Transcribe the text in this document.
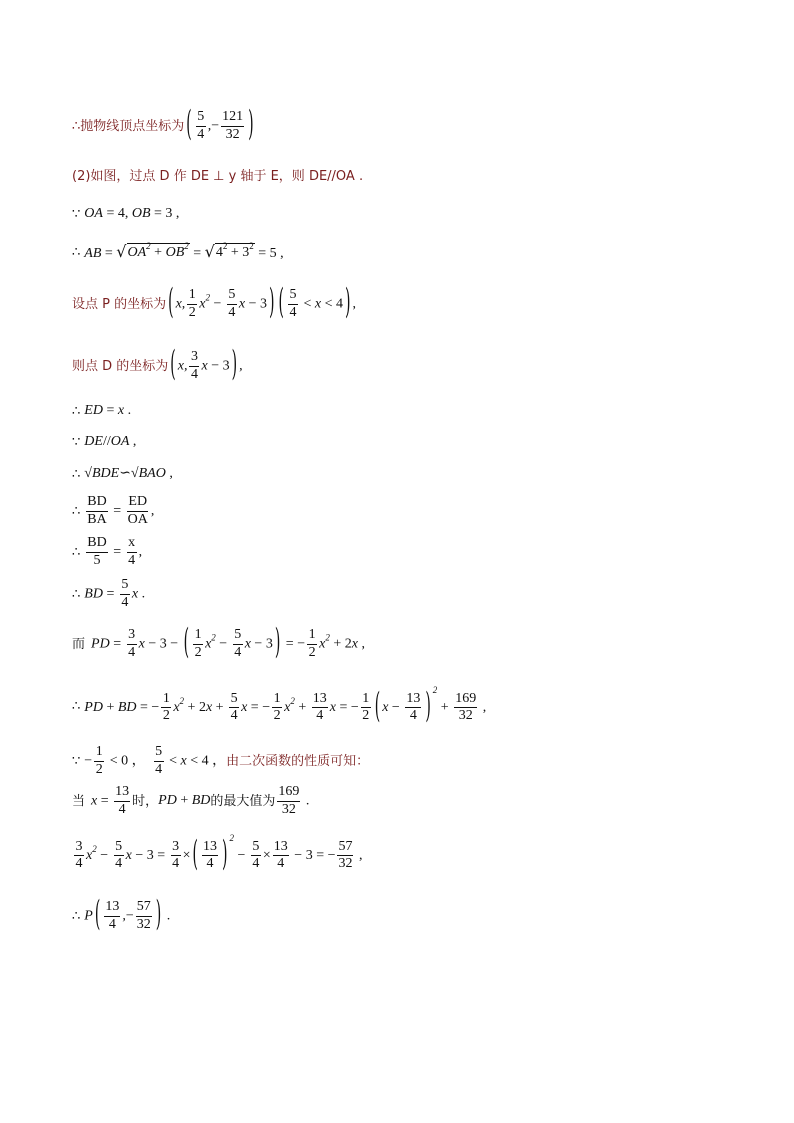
∴抛物线顶点坐标为 ( $\frac{5}{4}$ ,− $\frac{121}{32}$ )
(2)如图，过点 D 作 DE ⊥ y 轴于 E，则 DE//OA .
∵ OA = 4, OB = 3 ,
∴ AB = √ $OA^2 + OB^2$ = √ $4^2 + 3^2 = 5$ ,
设点 P 的坐标为 ( x, $\frac{1}{2} x^2 - \frac{5}{4}$ x − 3 ) ( $\frac{5}{4} < x < 4$ ) ,
则点 D 的坐标为 ( x, $\frac{3}{4}$ x − 3 ) ,
∴ ED = x .
∵ DE//OA ,
∴ √BDE∽√BAO ,
∴ $\frac{BD}{BA} = \frac{ED}{OA}$ ,
∴ $\frac{BD}{5} = \frac{x}{4}$ ,
∴ BD = $\frac{5}{4}$ x .
而 PD = $\frac{3}{4}$ x − 3 − ( $\frac{1}{2} x^2 - \frac{5}{4}$ x − 3 ) = − $\frac{1}{2} x^2 + 2x$ ,
∴ PD + BD = − $\frac{1}{2} x^2 + 2x + \frac{5}{4}$ x = − $\frac{1}{2} x^2 + \frac{13}{4}$ x = − $\frac{1}{2}$ ( $x - \frac{13}{4}$ ) $^2 + \frac{169}{32}$ ,
∵ − $\frac{1}{2} < 0$ ， $\frac{5}{4} < x < 4$ ， 由二次函数的性质可知：
当 $x = \frac{13}{4}$ 时， PD + BD 的最大值为 $\frac{169}{32}$ .
$\frac{3}{4} x^2 - \frac{5}{4}$ $x - 3 = \frac{3}{4}$ × ( $\frac{13}{4}$ ) $^2 - \frac{5}{4} \times \frac{13}{4} - 3$ = − $\frac{57}{32}$ ,
∴ P ( $\frac{13}{4}$ ,− $\frac{57}{32}$ ) .
